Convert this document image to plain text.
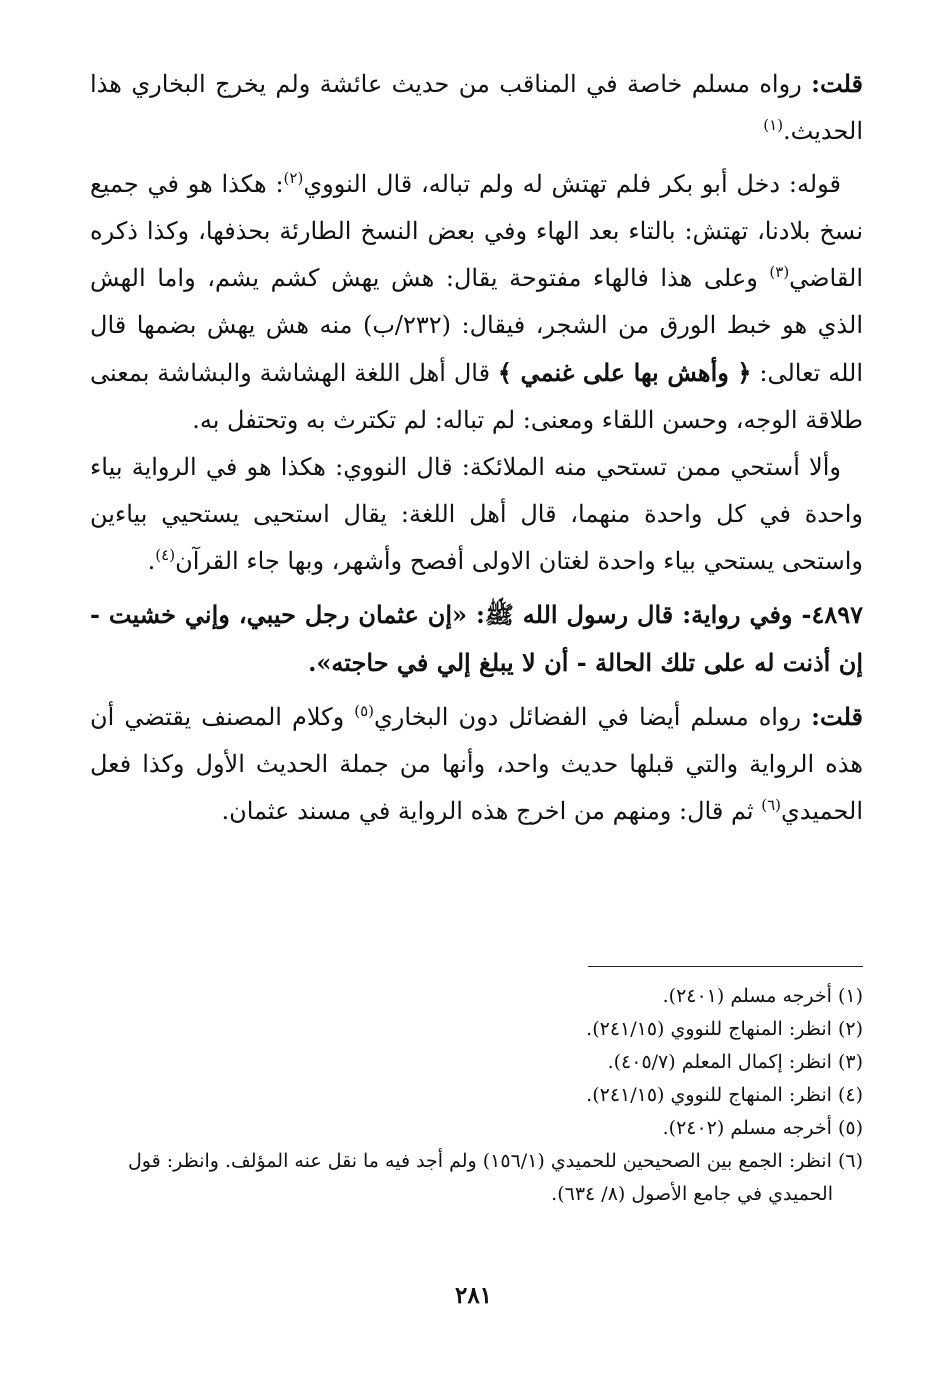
قلت: رواه مسلم خاصة في المناقب من حديث عائشة ولم يخرج البخاري هذا الحديث.$^{(١)}$

قوله: دخل أبو بكر فلم تهتش له ولم تباله، قال النووي$^{(٢)}$: هكذا هو في جميع نسخ بلادنا، تهتش: بالتاء بعد الهاء وفي بعض النسخ الطارئة بحذفها، وكذا ذكره القاضي$^{(٣)}$ وعلى هذا فالهاء مفتوحة يقال: هش يهش كشم يشم، واما الهش الذي هو خبط الورق من الشجر، فيقال: (٢٣٢/ب) منه هش يهش بضمها قال الله تعالى: ﴿ وأهش بها على غنمي ﴾ قال أهل اللغة الهشاشة والبشاشة بمعنى طلاقة الوجه، وحسن اللقاء ومعنى: لم تباله: لم تكترث به وتحتفل به.

وألا أستحي ممن تستحي منه الملائكة: قال النووي: هكذا هو في الرواية بياء واحدة في كل واحدة منهما، قال أهل اللغة: يقال استحيى يستحيي بياءين واستحى يستحي بياء واحدة لغتان الاولى أفصح وأشهر، وبها جاء القرآن$^{(٤)}$.

٤٨٩٧- وفي رواية: قال رسول الله ﷺ: «إن عثمان رجل حيبي، وإني خشيت - إن أذنت له على تلك الحالة - أن لا يبلغ إلي في حاجته».

قلت: رواه مسلم أيضا في الفضائل دون البخاري$^{(٥)}$ وكلام المصنف يقتضي أن هذه الرواية والتي قبلها حديث واحد، وأنها من جملة الحديث الأول وكذا فعل الحميدي$^{(٦)}$ ثم قال: ومنهم من اخرج هذه الرواية في مسند عثمان.

(١) أخرجه مسلم (٢٤٠١).

(٢) انظر: المنهاج للنووي (٢٤١/١٥).

(٣) انظر: إكمال المعلم (٤٠٥/٧).

(٤) انظر: المنهاج للنووي (٢٤١/١٥).

(٥) أخرجه مسلم (٢٤٠٢).

(٦) انظر: الجمع بين الصحيحين للحميدي (١٥٦/١) ولم أجد فيه ما نقل عنه المؤلف. وانظر: قول
الحميدي في جامع الأصول (٨/ ٦٣٤).

٢٨١
